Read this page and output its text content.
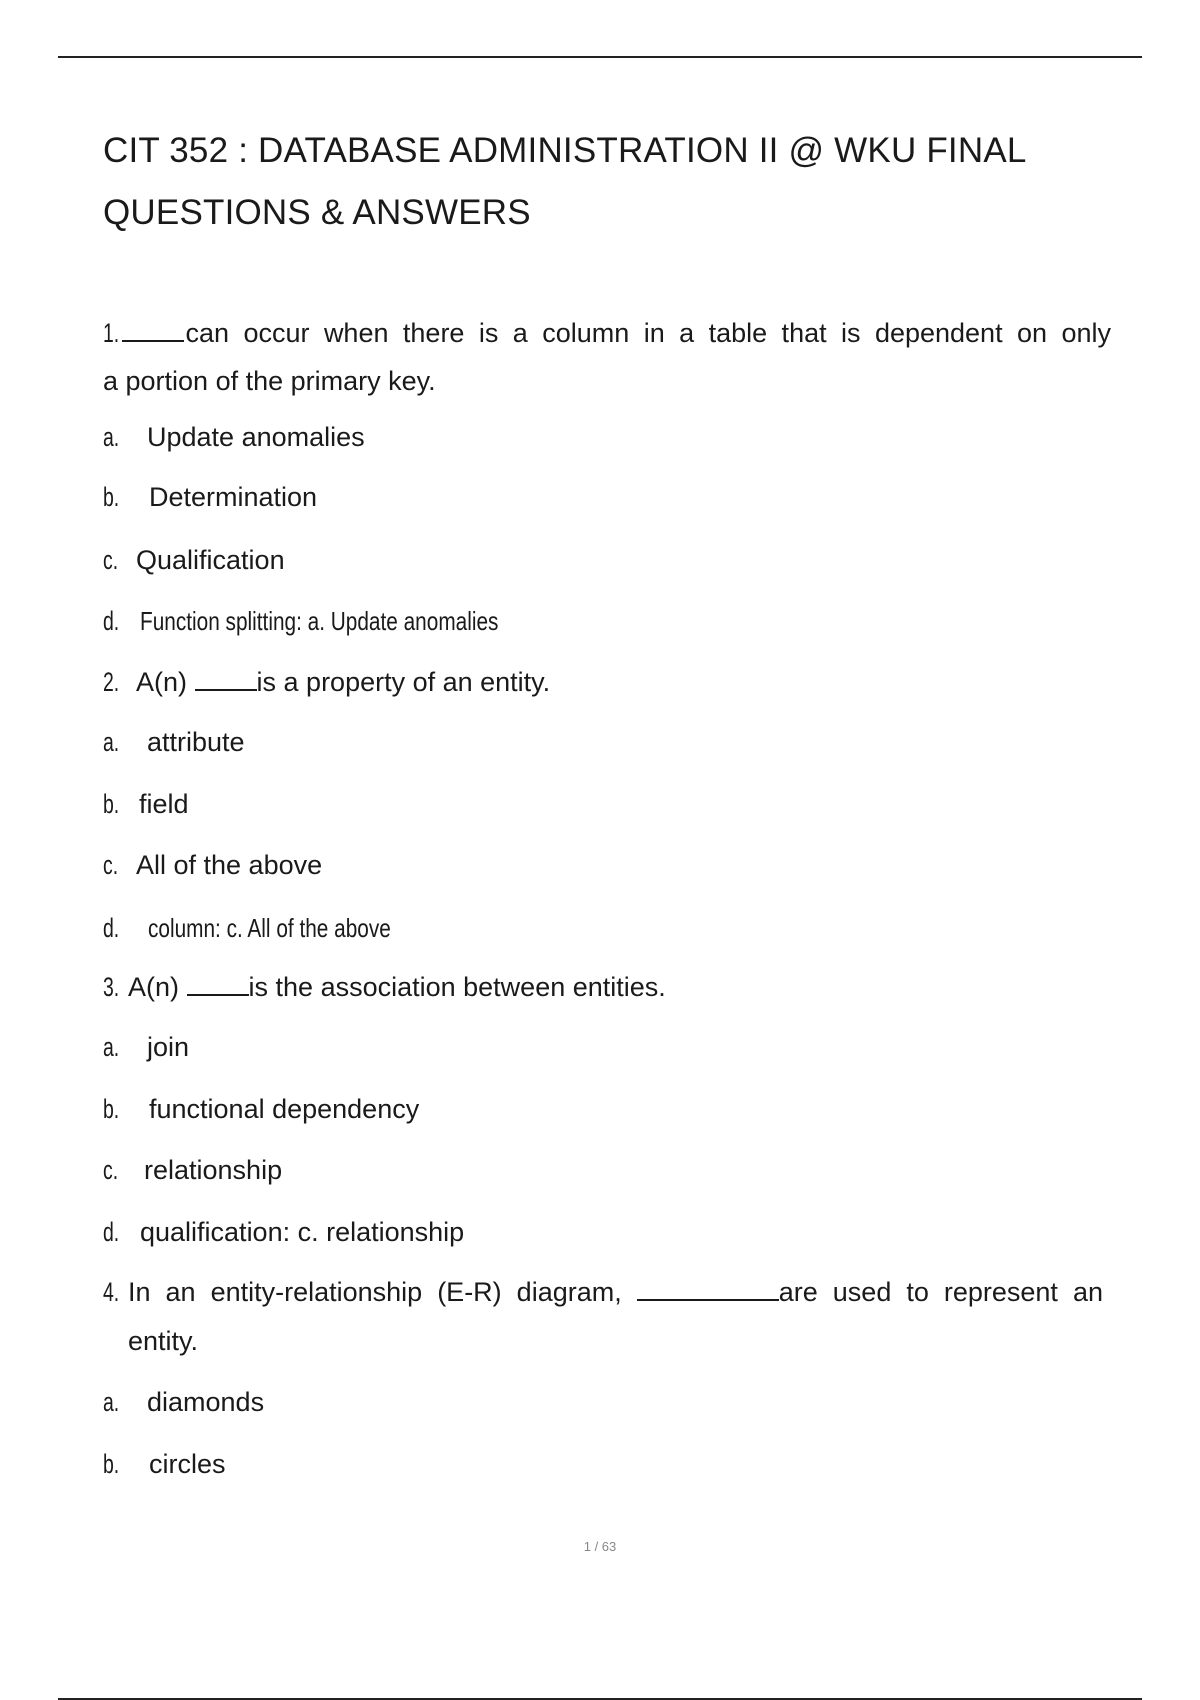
CIT 352 : DATABASE ADMINISTRATION II @ WKU FINAL
QUESTIONS & ANSWERS
1. can occur when there is a column in a table that is dependent on only
a portion of the primary key.
a. Update anomalies
b. Determination
c. Qualification
d. Function splitting: a. Update anomalies
2. A(n)	is a property of an entity.
a. attribute
b. field
c. All of the above
d. column: c. All of the above
3. A(n)	is the association between entities.
a. join
b. functional dependency
c. relationship
d. qualification: c. relationship
4. In an entity-relationship (E-R) diagram,	are used to represent an
entity.
a. diamonds
b. circles
1 / 63
